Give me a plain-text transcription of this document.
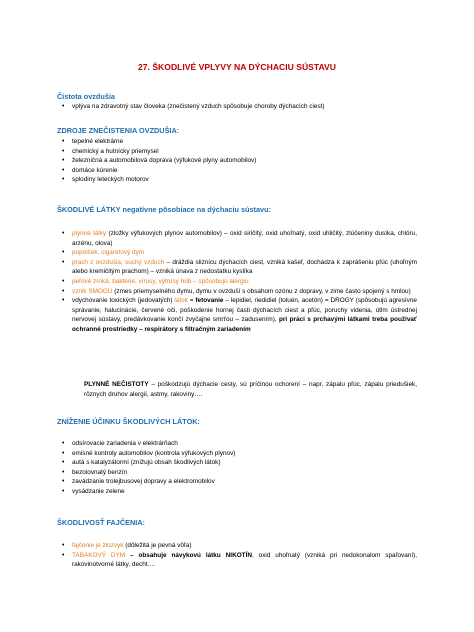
27. ŠKODLIVÉ VPLYVY NA DÝCHACIU SÚSTAVU
Čistota ovzdušia
• vplýva na zdravotný stav človeka (znečistený vzduch spôsobuje choroby dýchacích ciest)
ZDROJE ZNEČISTENIA OVZDUŠIA:
• tepelné elektrárne
• chemický a hutnícky priemysel
• železničná a automobilová doprava (výfukové plyny automobilov)
• domáce kúrenie
• splodiny leteckých motorov
ŠKODLIVÉ LÁTKY negatívne pôsobiace na dýchaciu sústavu:
• plynné látky (zložky výfukových plynov automobilov) – oxid siričitý, oxid uhoľnatý, oxid uhličitý, zlúčeniny dusíka, chlóru, arzénu, olova)
• popolček, cigaretový dym
• prach z ovzdušia, suchý vzduch – dráždia sliznicu dýchacích ciest, vzniká kašeľ, dochádza k zaprášeniu pľúc (uhoľným alebo kremičitým prachom) – vzniká únava z nedostatku kyslíka
• peľové zrnká, baktérie, vírusy, výtrusy húb – spôsobujú alergiu
• vznik SMOGU (zmes priemyselného dymu, dymu v ovzduší s obsahom ozónu z dopravy, v zime často spojený s hmlou)
• vdychovanie toxických (jedovatých) látok = fetovanie – lepidiel, riedidiel (toluén, acetón) = DROGY (spôsobujú agresívne správanie, halucinácie, červené oči, poškodenie hornej časti dýchacích ciest a pľúc, poruchy videnia, útlm ústrednej nervovej sústavy, predávkovanie končí zvyčajne smrťou – zadusením), pri práci s prchavými látkami treba používať ochranné prostriedky – respirátory s filtračným zariadením
PLYNNÉ NEČISTOTY – poškodzujú dýchacie cesty, sú príčinou ochorení – napr. zápalu pľúc, zápalu priedušiek, rôznych druhov alergií, astmy, rakoviny….
ZNÍŽENIE ÚČINKU ŠKODLIVÝCH LÁTOK:
• odsírovacie zariadenia v elektrárňach
• emisné kontroly automobilov (kontrola výfukových plynov)
• autá s katalyzátormi (znižujú obsah škodlivých látok)
• bezolovnatý benzín
• zavádzanie trolejbusovej dopravy a elektromobilov
• vysádzanie zelene
ŠKODLIVOSŤ FAJČENIA:
• fajčenie je zlozvyk (dôležitá je pevná vôľa)
• TABAKOVÝ DYM – obsahuje návykovú látku NIKOTÍN, oxid uhoľnatý (vzniká pri nedokonalom spaľovaní), rakovinotvorné látky, decht….
